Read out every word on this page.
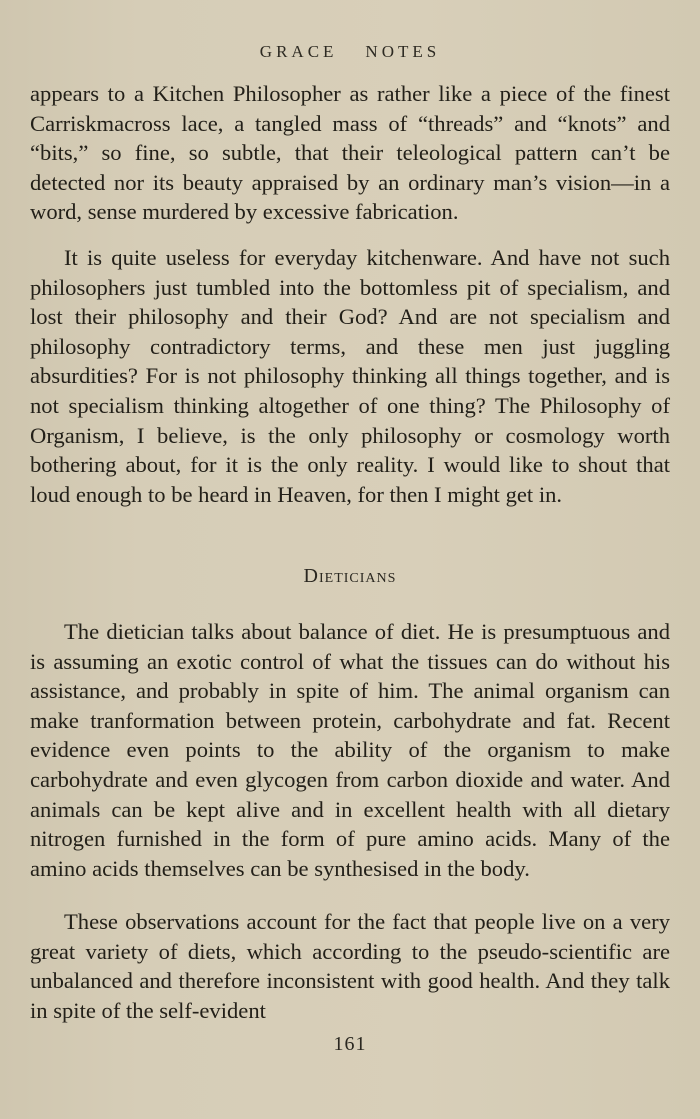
GRACE NOTES

appears to a Kitchen Philosopher as rather like a piece of the finest Carriskmacross lace, a tangled mass of “threads” and “knots” and “bits,” so fine, so subtle, that their teleological pattern can’t be detected nor its beauty appraised by an ordinary man’s vision—in a word, sense murdered by excessive fabrication.

It is quite useless for everyday kitchenware. And have not such philosophers just tumbled into the bottomless pit of specialism, and lost their philosophy and their God? And are not specialism and philosophy contradictory terms, and these men just juggling absurdities? For is not philosophy thinking all things together, and is not specialism thinking altogether of one thing? The Philosophy of Organism, I believe, is the only philosophy or cosmology worth bothering about, for it is the only reality. I would like to shout that loud enough to be heard in Heaven, for then I might get in.

Dieticians

The dietician talks about balance of diet. He is presumptuous and is assuming an exotic control of what the tissues can do without his assistance, and probably in spite of him. The animal organism can make tranformation between protein, carbohydrate and fat. Recent evidence even points to the ability of the organism to make carbohydrate and even glycogen from carbon dioxide and water. And animals can be kept alive and in excellent health with all dietary nitrogen furnished in the form of pure amino acids. Many of the amino acids themselves can be synthesised in the body.

These observations account for the fact that people live on a very great variety of diets, which according to the pseudo-scientific are unbalanced and therefore inconsistent with good health. And they talk in spite of the self-evident

161
